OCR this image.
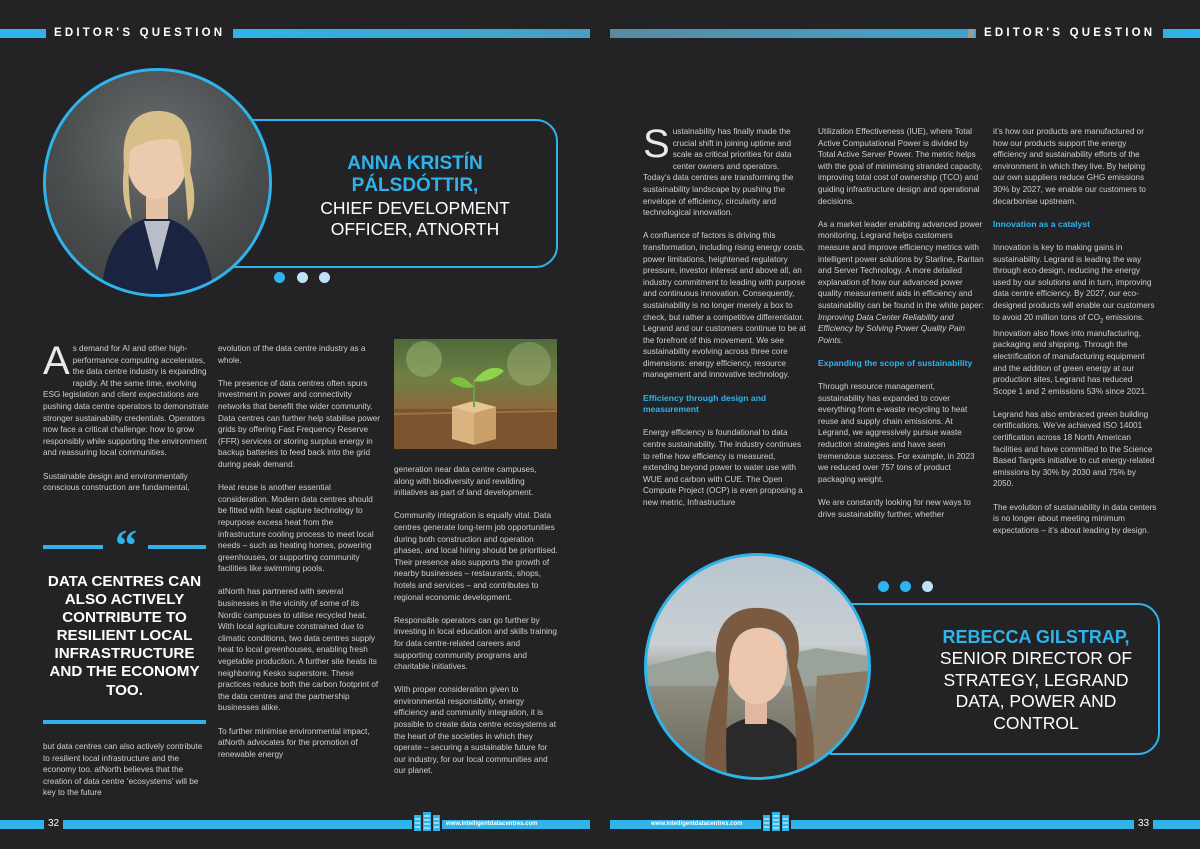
EDITOR'S QUESTION	EDITOR'S QUESTION
ANNA KRISTÍN PÁLSDÓTTIR,
CHIEF DEVELOPMENT OFFICER, ATNORTH

As demand for AI and other high-performance computing accelerates, the data centre industry is expanding rapidly. At the same time, evolving ESG legislation and client expectations are pushing data centre operators to demonstrate stronger sustainability credentials. Operators now face a critical challenge: how to grow responsibly while supporting the environment and reassuring local communities.

Sustainable design and environmentally conscious construction are fundamental,

“
DATA CENTRES CAN ALSO ACTIVELY CONTRIBUTE TO RESILIENT LOCAL INFRASTRUCTURE AND THE ECONOMY TOO.

but data centres can also actively contribute to resilient local infrastructure and the economy too. atNorth believes that the creation of data centre ‘ecosystems’ will be key to the future

evolution of the data centre industry as a whole.

The presence of data centres often spurs investment in power and connectivity networks that benefit the wider community. Data centres can further help stabilise power grids by offering Fast Frequency Reserve (FFR) services or storing surplus energy in backup batteries to feed back into the grid during peak demand.

Heat reuse is another essential consideration. Modern data centres should be fitted with heat capture technology to repurpose excess heat from the infrastructure cooling process to meet local needs – such as heating homes, powering greenhouses, or supporting community facilities like swimming pools.

atNorth has partnered with several businesses in the vicinity of some of its Nordic campuses to utilise recycled heat. With local agriculture constrained due to climatic conditions, two data centres supply heat to local greenhouses, enabling fresh vegetable production. A further site heats its neighboring Kesko superstore. These practices reduce both the carbon footprint of the data centres and the partnership businesses alike.

To further minimise environmental impact, atNorth advocates for the promotion of renewable energy

generation near data centre campuses, along with biodiversity and rewilding initiatives as part of land development.

Community integration is equally vital. Data centres generate long-term job opportunities during both construction and operation phases, and local hiring should be prioritised. Their presence also supports the growth of nearby businesses – restaurants, shops, hotels and services – and contributes to regional economic development.

Responsible operators can go further by investing in local education and skills training for data centre-related careers and supporting community programs and charitable initiatives.

With proper consideration given to environmental responsibility, energy efficiency and community integration, it is possible to create data centre ecosystems at the heart of the societies in which they operate – securing a sustainable future for our industry, for our local communities and our planet.

Sustainability has finally made the crucial shift in joining uptime and scale as critical priorities for data center owners and operators. Today’s data centres are transforming the sustainability landscape by pushing the envelope of efficiency, circularity and technological innovation.

A confluence of factors is driving this transformation, including rising energy costs, power limitations, heightened regulatory pressure, investor interest and above all, an industry commitment to leading with purpose and continuous innovation. Consequently, sustainability is no longer merely a box to check, but rather a competitive differentiator. Legrand and our customers continue to be at the forefront of this movement. We see sustainability evolving across three core dimensions: energy efficiency, resource management and innovative technology.

Efficiency through design and measurement

Energy efficiency is foundational to data centre sustainability. The industry continues to refine how efficiency is measured, extending beyond power to water use with WUE and carbon with CUE. The Open Compute Project (OCP) is even proposing a new metric, Infrastructure

Utilization Effectiveness (IUE), where Total Active Computational Power is divided by Total Active Server Power. The metric helps with the goal of minimising stranded capacity, improving total cost of ownership (TCO) and guiding infrastructure design and operational decisions.

As a market leader enabling advanced power monitoring, Legrand helps customers measure and improve efficiency metrics with intelligent power solutions by Starline, Raritan and Server Technology. A more detailed explanation of how our advanced power quality measurement aids in efficiency and sustainability can be found in the white paper: Improving Data Center Reliability and Efficiency by Solving Power Quality Pain Points.

Expanding the scope of sustainability

Through resource management, sustainability has expanded to cover everything from e-waste recycling to heat reuse and supply chain emissions. At Legrand, we aggressively pursue waste reduction strategies and have seen tremendous success. For example, in 2023 we reduced over 757 tons of product packaging weight.

We are constantly looking for new ways to drive sustainability further, whether

it’s how our products are manufactured or how our products support the energy efficiency and sustainability efforts of the environment in which they live. By helping our own suppliers reduce GHG emissions 30% by 2027, we enable our customers to decarbonise upstream.

Innovation as a catalyst

Innovation is key to making gains in sustainability. Legrand is leading the way through eco-design, reducing the energy used by our solutions and in turn, improving data centre efficiency. By 2027, our eco-designed products will enable our customers to avoid 20 million tons of $CO_2$ emissions. Innovation also flows into manufacturing, packaging and shipping. Through the electrification of manufacturing equipment and the addition of green energy at our production sites, Legrand has reduced Scope 1 and 2 emissions 53% since 2021.

Legrand has also embraced green building certifications. We’ve achieved ISO 14001 certification across 18 North American facilities and have committed to the Science Based Targets initiative to cut energy-related emissions by 30% by 2030 and 75% by 2050.

The evolution of sustainability in data centers is no longer about meeting minimum expectations – it’s about leading by design.

REBECCA GILSTRAP,
SENIOR DIRECTOR OF STRATEGY, LEGRAND DATA, POWER AND CONTROL
32	33
www.intelligentdatacentres.com	www.intelligentdatacentres.com
